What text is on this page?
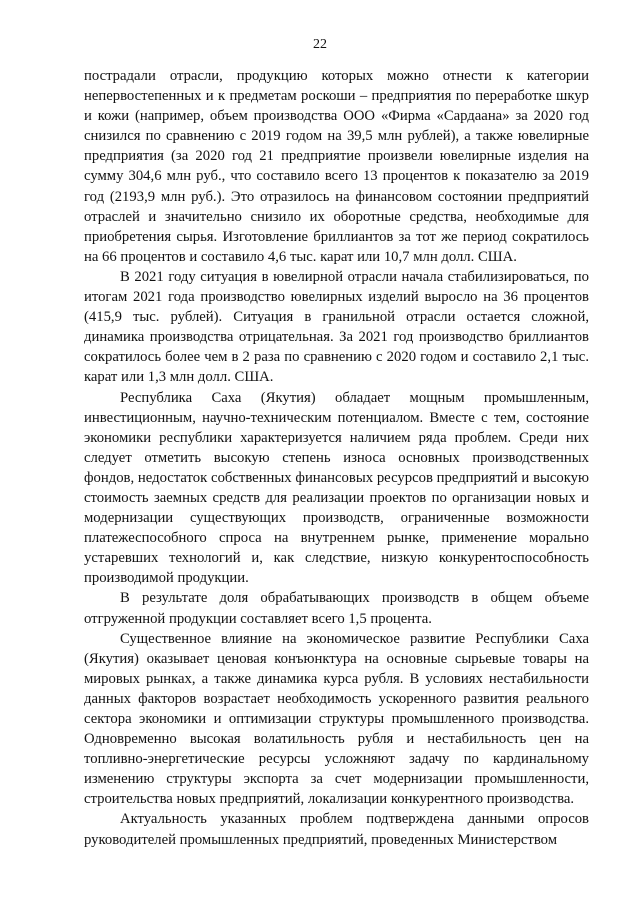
22

пострадали отрасли, продукцию которых можно отнести к категории непервостепенных и к предметам роскоши – предприятия по переработке шкур и кожи (например, объем производства ООО «Фирма «Сардаана» за 2020 год снизился по сравнению с 2019 годом на 39,5 млн рублей), а также ювелирные предприятия (за 2020 год 21 предприятие произвели ювелирные изделия на сумму 304,6 млн руб., что составило всего 13 процентов к показателю за 2019 год (2193,9 млн руб.). Это отразилось на финансовом состоянии предприятий отраслей и значительно снизило их оборотные средства, необходимые для приобретения сырья. Изготовление бриллиантов за тот же период сократилось на 66 процентов и составило 4,6 тыс. карат или 10,7 млн долл. США.

В 2021 году ситуация в ювелирной отрасли начала стабилизироваться, по итогам 2021 года производство ювелирных изделий выросло на 36 процентов (415,9 тыс. рублей). Ситуация в гранильной отрасли остается сложной, динамика производства отрицательная. За 2021 год производство бриллиантов сократилось более чем в 2 раза по сравнению с 2020 годом и составило 2,1 тыс. карат или 1,3 млн долл. США.

Республика Саха (Якутия) обладает мощным промышленным, инвестиционным, научно-техническим потенциалом. Вместе с тем, состояние экономики республики характеризуется наличием ряда проблем. Среди них следует отметить высокую степень износа основных производственных фондов, недостаток собственных финансовых ресурсов предприятий и высокую стоимость заемных средств для реализации проектов по организации новых и модернизации существующих производств, ограниченные возможности платежеспособного спроса на внутреннем рынке, применение морально устаревших технологий и, как следствие, низкую конкурентоспособность производимой продукции.

В результате доля обрабатывающих производств в общем объеме отгруженной продукции составляет всего 1,5 процента.

Существенное влияние на экономическое развитие Республики Саха (Якутия) оказывает ценовая конъюнктура на основные сырьевые товары на мировых рынках, а также динамика курса рубля. В условиях нестабильности данных факторов возрастает необходимость ускоренного развития реального сектора экономики и оптимизации структуры промышленного производства. Одновременно высокая волатильность рубля и нестабильность цен на топливно-энергетические ресурсы усложняют задачу по кардинальному изменению структуры экспорта за счет модернизации промышленности, строительства новых предприятий, локализации конкурентного производства.

Актуальность указанных проблем подтверждена данными опросов руководителей промышленных предприятий, проведенных Министерством
